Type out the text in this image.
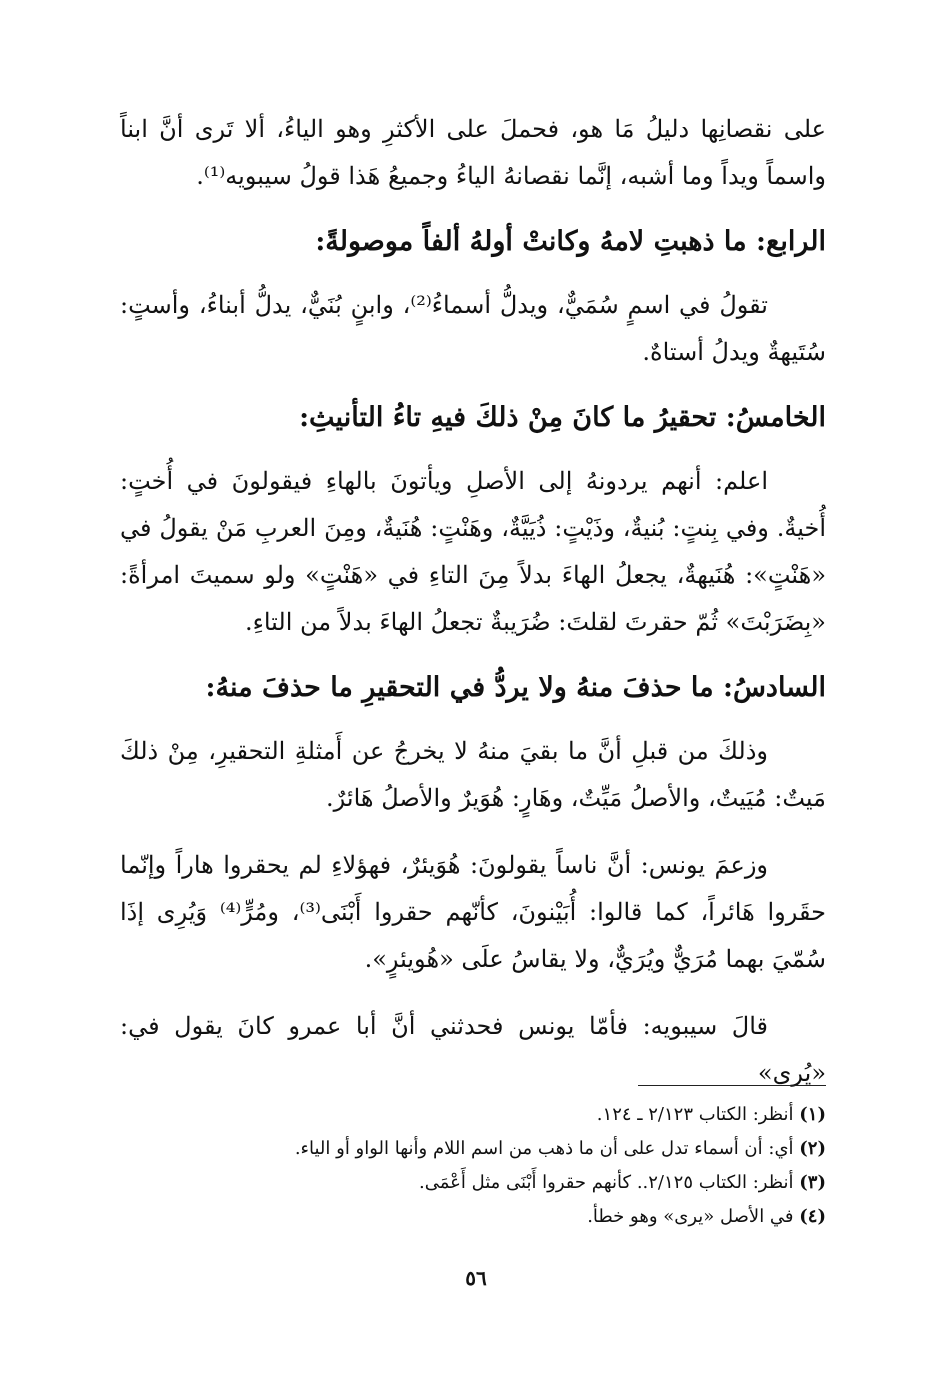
على نقصانِها دليلُ مَا هو، فحملَ على الأكثرِ وهو الياءُ، ألا تَرى أنَّ ابناً واسماً ويداً وما أشبه، إنَّما نقصانهُ الياءُ وجميعُ هَذا قولُ سيبويه⁽¹⁾.

الرابع: ما ذهبتِ لامهُ وكانتْ أولهُ ألفاً موصولةً:

تقولُ في اسمٍ سُمَيٌّ، ويدلُّ أسماءُ⁽²⁾، وابنٍ بُنَيٌّ، يدلُّ أبناءُ، وأستٍ: سُتَيهةٌ ويدلُ أستاهٌ.

الخامسُ: تحقيرُ ما كانَ مِنْ ذلكَ فيهِ تاءُ التأنيثِ:

اعلم: أنهم يردونهُ إلى الأصلِ ويأتونَ بالهاءِ فيقولونَ في أُختٍ: أُخيةٌ. وفي بِنتٍ: بُنيةٌ، وذَيْتٍ: ذُيَيَّةٌ، وهَنْتٍ: هُنَيةٌ، ومِنَ العربِ مَنْ يقولُ في «هَنْتٍ»: هُنَيهةٌ، يجعلُ الهاءَ بدلاً مِنَ التاءِ في «هَنْتٍ» ولو سميتَ امرأةً: «بِضَرَبْتَ» ثُمّ حقرتَ لقلتَ: ضُرَيبةٌ تجعلُ الهاءَ بدلاً من التاءِ.

السادسُ: ما حذفَ منهُ ولا يردُّ في التحقيرِ ما حذفَ منهُ:

وذلكَ من قبلِ أنَّ ما بقيَ منهُ لا يخرجُ عن أَمثلةِ التحقيرِ، مِنْ ذلكَ مَيتٌ: مُيَيتٌ، والأصلُ مَيِّتٌ، وهَارٍ: هُوَيرٌ والأصلُ هَائرٌ.

وزعمَ يونس: أنَّ ناساً يقولونَ: هُوَيئرٌ، فهؤلاءِ لم يحقروا هاراً وإنّما حقَروا هَائراً، كما قالوا: أُبَيْنونَ، كأنّهم حقروا أَبْنَى⁽³⁾، ومُرٍّ⁽⁴⁾ وَيُرِى إذَا سُمّيَ بهما مُرَيٌّ ويُرَيٌّ، ولا يقاسُ علَى «هُويئرٍ».

قالَ سيبويه: فأمّا يونس فحدثني أنَّ أبا عمرو كانَ يقول في: «يُرى»

(١) أنظر: الكتاب ٢/١٢٣ ـ ١٢٤.

(٢) أي: أن أسماء تدل على أن ما ذهب من اسم اللام وأنها الواو أو الياء.

(٣) أنظر: الكتاب ٢/١٢٥.. كأنهم حقروا أَبْنَى مثل أَعْمَى.

(٤) في الأصل «يرى» وهو خطأ.

٥٦
